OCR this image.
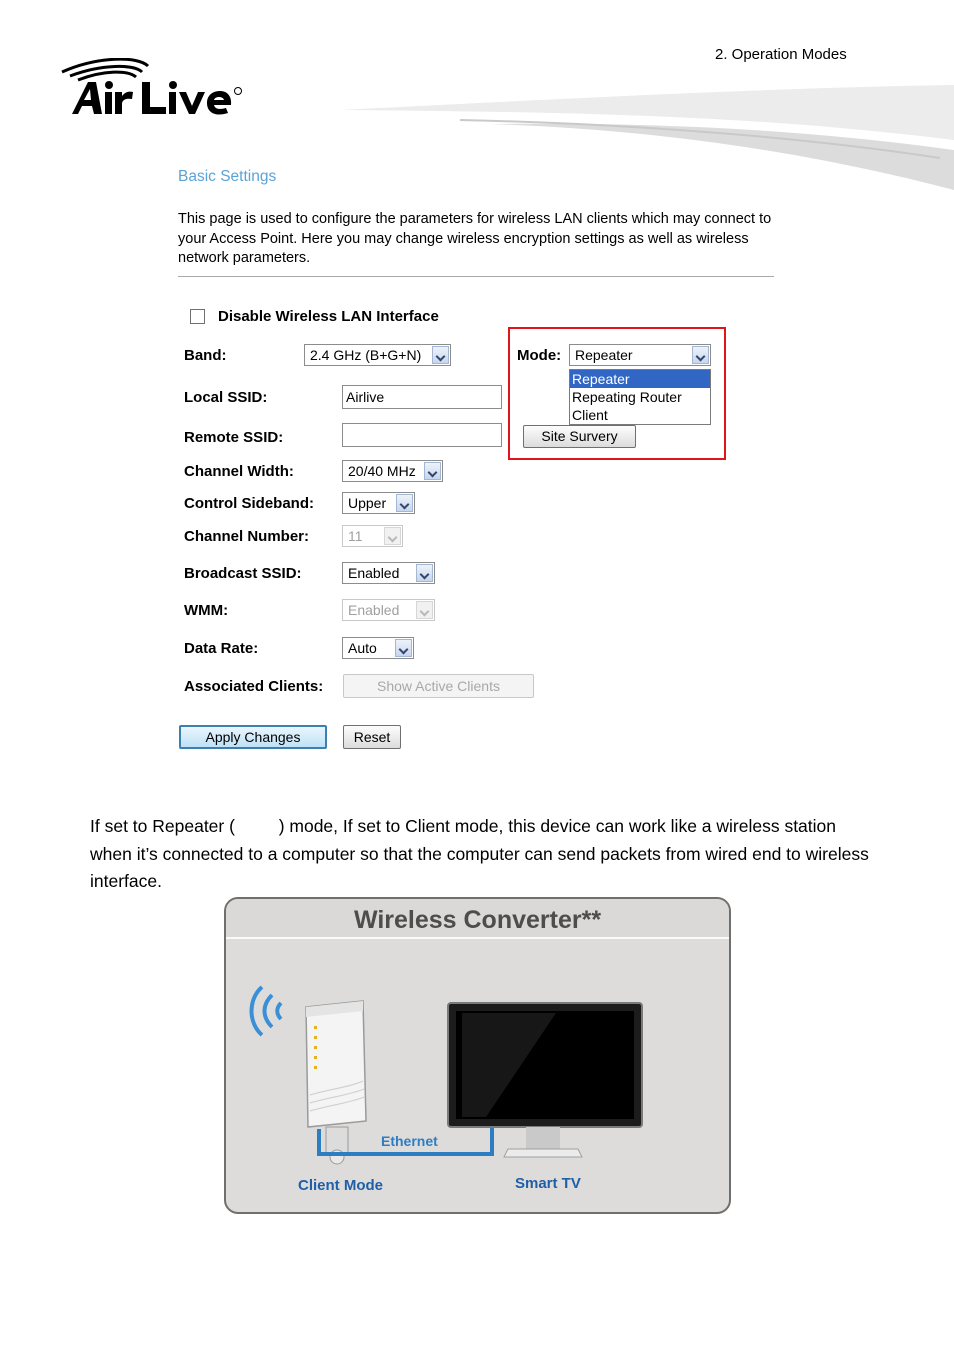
2. Operation Modes
Basic Settings
This page is used to configure the parameters for wireless LAN clients which may connect to your Access Point. Here you may change wireless encryption settings as well as wireless network parameters.
Disable Wireless LAN Interface
Band:	2.4 GHz (B+G+N)	Mode: Repeater
Repeater
Repeating Router
Client
Site Survery
Local SSID:	Airlive
Remote SSID:
Channel Width:	20/40 MHz
Control Sideband: Upper
Channel Number:	11
Broadcast SSID:	Enabled
WMM:	Enabled
Data Rate:	Auto
Associated Clients:	Show Active Clients
Apply Changes	Reset
If set to Repeater (         ) mode, If set to Client mode, this device can work like a wireless station when it’s connected to a computer so that the computer can send packets from wired end to wireless interface.
Wireless Converter**
Ethernet
Client Mode	Smart TV
